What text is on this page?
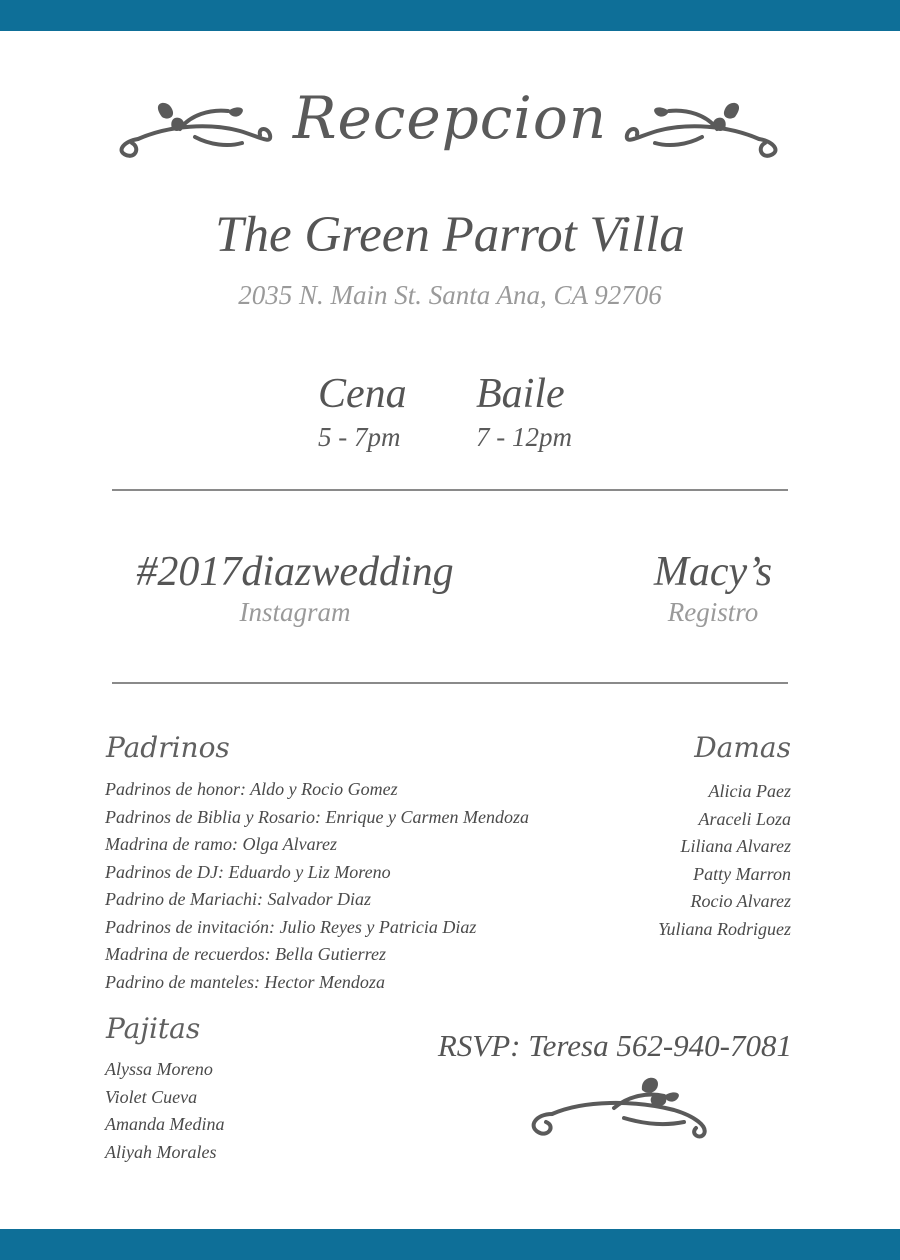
Recepcion
The Green Parrot Villa
2035 N. Main St. Santa Ana, CA 92706
Cena
5 - 7pm
Baile
7 - 12pm
#2017diazwedding
Instagram
Macy’s
Registro
Padrinos
Padrinos de honor: Aldo y Rocio Gomez
Padrinos de Biblia y Rosario: Enrique y Carmen Mendoza
Madrina de ramo: Olga Alvarez
Padrinos de DJ: Eduardo y Liz Moreno
Padrino de Mariachi: Salvador Diaz
Padrinos de invitación: Julio Reyes y Patricia Diaz
Madrina de recuerdos: Bella Gutierrez
Padrino de manteles: Hector Mendoza
Damas
Alicia Paez
Araceli Loza
Liliana Alvarez
Patty Marron
Rocio Alvarez
Yuliana Rodriguez
Pajitas
Alyssa Moreno
Violet Cueva
Amanda Medina
Aliyah Morales
RSVP: Teresa 562-940-7081
